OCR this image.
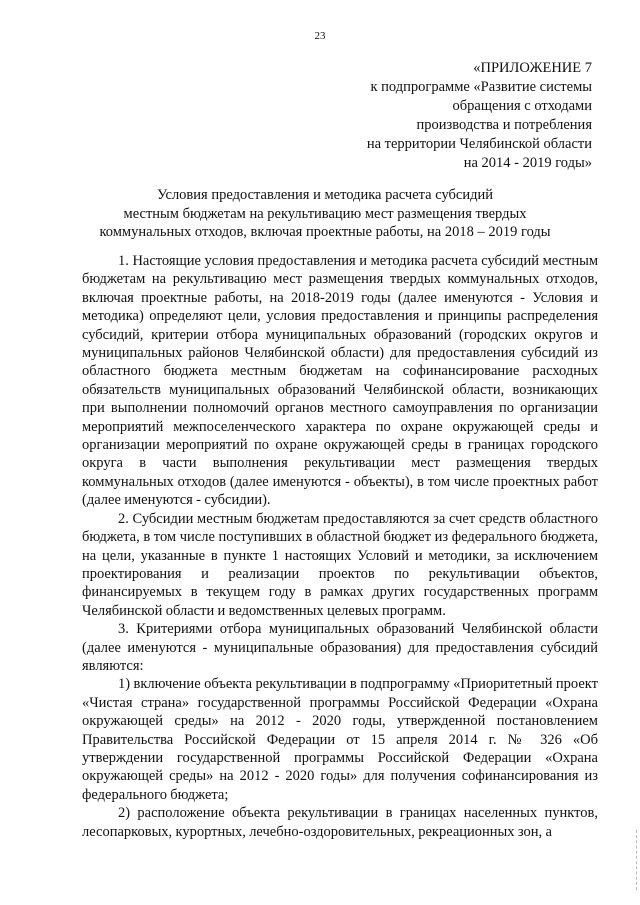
23
«ПРИЛОЖЕНИЕ 7
к подпрограмме «Развитие системы
обращения с отходами
производства и потребления
на территории Челябинской области
на 2014 - 2019 годы»
Условия предоставления и методика расчета субсидий
местным бюджетам на рекультивацию мест размещения твердых
коммунальных отходов, включая проектные работы, на 2018 – 2019 годы

1. Настоящие условия предоставления и методика расчета субсидий местным бюджетам на рекультивацию мест размещения твердых коммунальных отходов, включая проектные работы, на 2018-2019 годы (далее именуются - Условия и методика) определяют цели, условия предоставления и принципы распределения субсидий, критерии отбора муниципальных образований (городских округов и муниципальных районов Челябинской области) для предоставления субсидий из областного бюджета местным бюджетам на софинансирование расходных обязательств муниципальных образований Челябинской области, возникающих при выполнении полномочий органов местного самоуправления по организации мероприятий межпоселенческого характера по охране окружающей среды и организации мероприятий по охране окружающей среды в границах городского округа в части выполнения рекультивации мест размещения твердых коммунальных отходов (далее именуются - объекты), в том числе проектных работ (далее именуются - субсидии).

2. Субсидии местным бюджетам предоставляются за счет средств областного бюджета, в том числе поступивших в областной бюджет из федерального бюджета, на цели, указанные в пункте 1 настоящих Условий и методики, за исключением проектирования и реализации проектов по рекультивации объектов, финансируемых в текущем году в рамках других государственных программ Челябинской области и ведомственных целевых программ.

3. Критериями отбора муниципальных образований Челябинской области (далее именуются - муниципальные образования) для предоставления субсидий являются:

1) включение объекта рекультивации в подпрограмму «Приоритетный проект «Чистая страна» государственной программы Российской Федерации «Охрана окружающей среды» на 2012 - 2020 годы, утвержденной постановлением Правительства Российской Федерации от 15 апреля 2014 г. № 326 «Об утверждении государственной программы Российской Федерации «Охрана окружающей среды» на 2012 - 2020 годы» для получения софинансирования из федерального бюджета;

2) расположение объекта рекультивации в границах населенных пунктов, лесопарковых, курортных, лечебно-оздоровительных, рекреационных зон, а
